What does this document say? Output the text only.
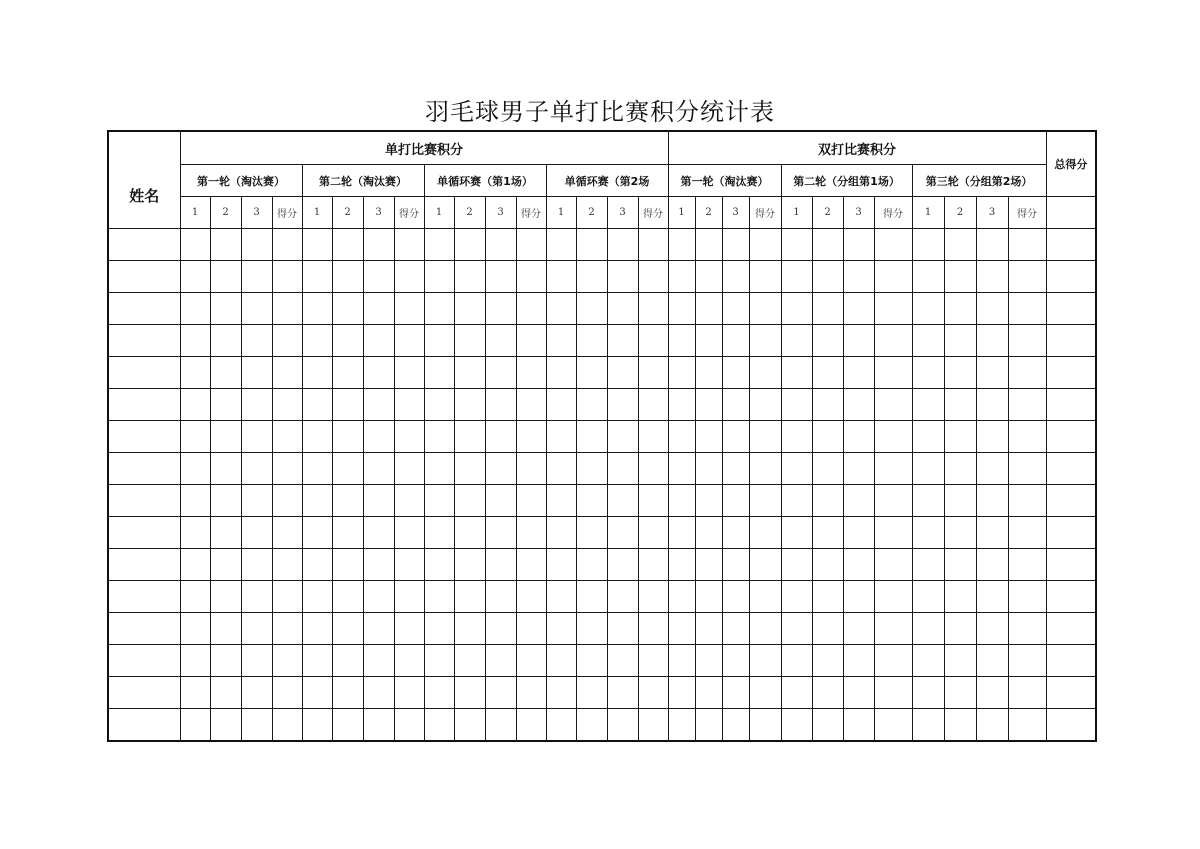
羽毛球男子单打比赛积分统计表
姓名	单打比赛积分																双打比赛积分												总得分
	第一轮（淘汰赛）				第二轮（淘汰赛）				单循环赛（第1场）				单循环赛（第2场				第一轮（淘汰赛）				第二轮（分组第1场）				第三轮（分组第2场）				
	1	2	3	得分	1	2	3	得分	1	2	3	得分	1	2	3	得分	1	2	3	得分	1	2	3	得分	1	2	3	得分	
